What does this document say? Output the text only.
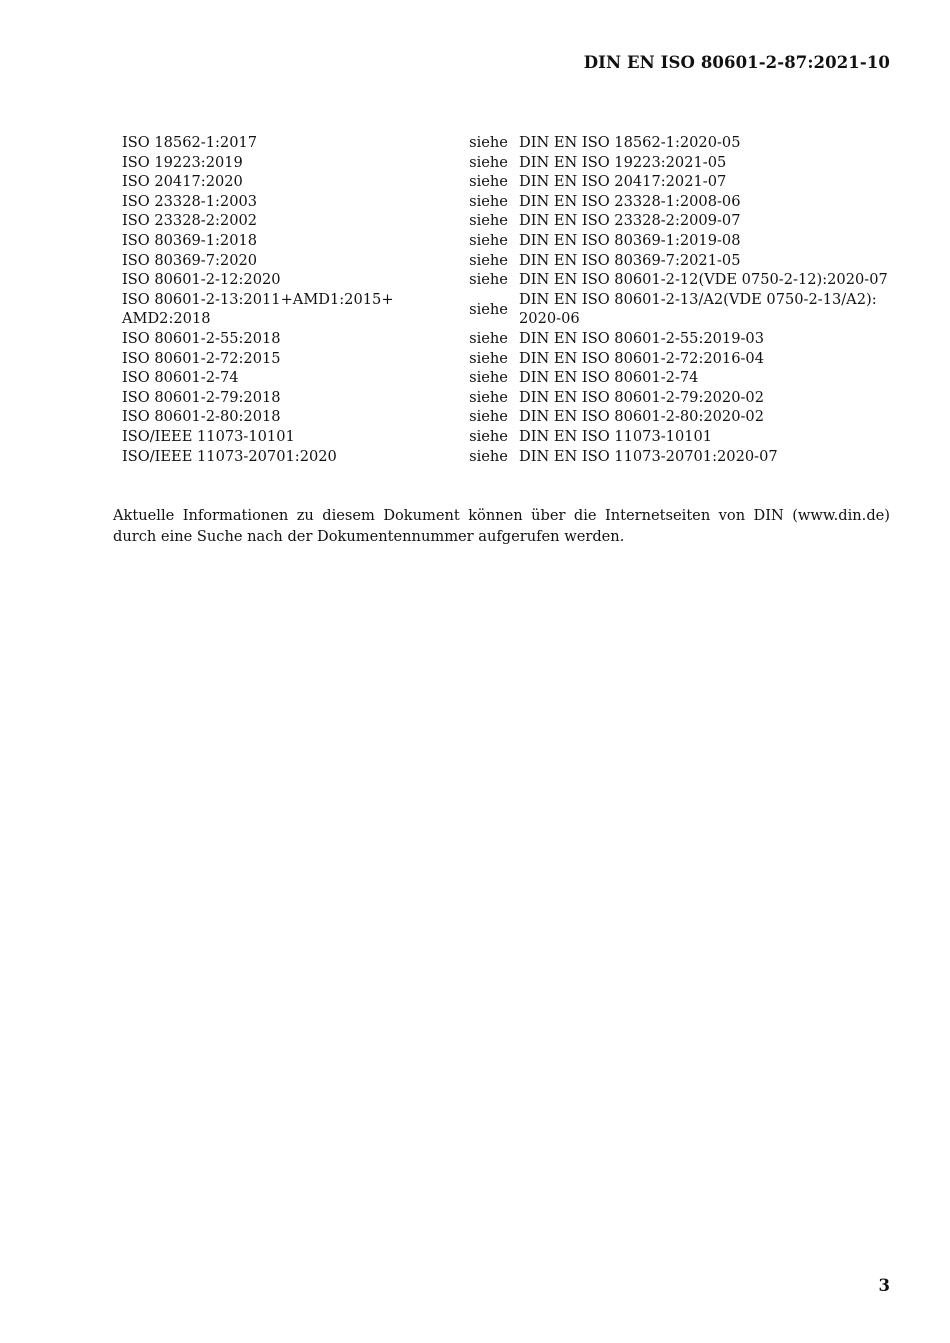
DIN EN ISO 80601-2-87:2021-10
ISO 18562-1:2017	siehe	DIN EN ISO 18562-1:2020-05
ISO 19223:2019	siehe	DIN EN ISO 19223:2021-05
ISO 20417:2020	siehe	DIN EN ISO 20417:2021-07
ISO 23328-1:2003	siehe	DIN EN ISO 23328-1:2008-06
ISO 23328-2:2002	siehe	DIN EN ISO 23328-2:2009-07
ISO 80369-1:2018	siehe	DIN EN ISO 80369-1:2019-08
ISO 80369-7:2020	siehe	DIN EN ISO 80369-7:2021-05
ISO 80601-2-12:2020	siehe	DIN EN ISO 80601-2-12(VDE 0750-2-12):2020-07
ISO 80601-2-13:2011+AMD1:2015+
AMD2:2018	siehe	DIN EN ISO 80601-2-13/A2(VDE 0750-2-13/A2):
2020-06
ISO 80601-2-55:2018	siehe	DIN EN ISO 80601-2-55:2019-03
ISO 80601-2-72:2015	siehe	DIN EN ISO 80601-2-72:2016-04
ISO 80601-2-74	siehe	DIN EN ISO 80601-2-74
ISO 80601-2-79:2018	siehe	DIN EN ISO 80601-2-79:2020-02
ISO 80601-2-80:2018	siehe	DIN EN ISO 80601-2-80:2020-02
ISO/IEEE 11073-10101	siehe	DIN EN ISO 11073-10101
ISO/IEEE 11073-20701:2020	siehe	DIN EN ISO 11073-20701:2020-07

Aktuelle Informationen zu diesem Dokument können über die Internetseiten von DIN (www.din.de) durch eine Suche nach der Dokumentennummer aufgerufen werden.

3
